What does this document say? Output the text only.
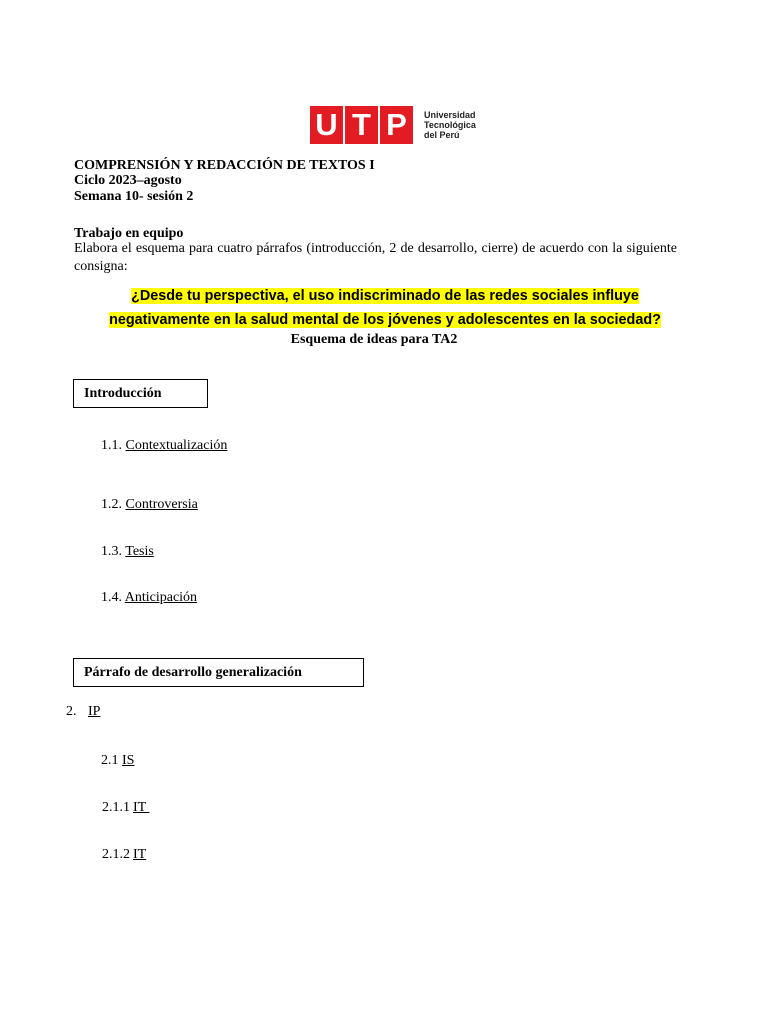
U T P	Universidad
Tecnológica
del Perú
COMPRENSIÓN Y REDACCIÓN DE TEXTOS I
Ciclo 2023–agosto
Semana 10- sesión 2
Trabajo en equipo
Elabora el esquema para cuatro párrafos (introducción, 2 de desarrollo, cierre) de acuerdo con la siguiente consigna:
¿Desde tu perspectiva, el uso indiscriminado de las redes sociales influye
negativamente en la salud mental de los jóvenes y adolescentes en la sociedad?
Esquema de ideas para TA2
Introducción
1.1. Contextualización
1.2. Controversia
1.3. Tesis
1.4. Anticipación
Párrafo de desarrollo generalización
2. IP
2.1 IS
2.1.1 IT
2.1.2 IT
